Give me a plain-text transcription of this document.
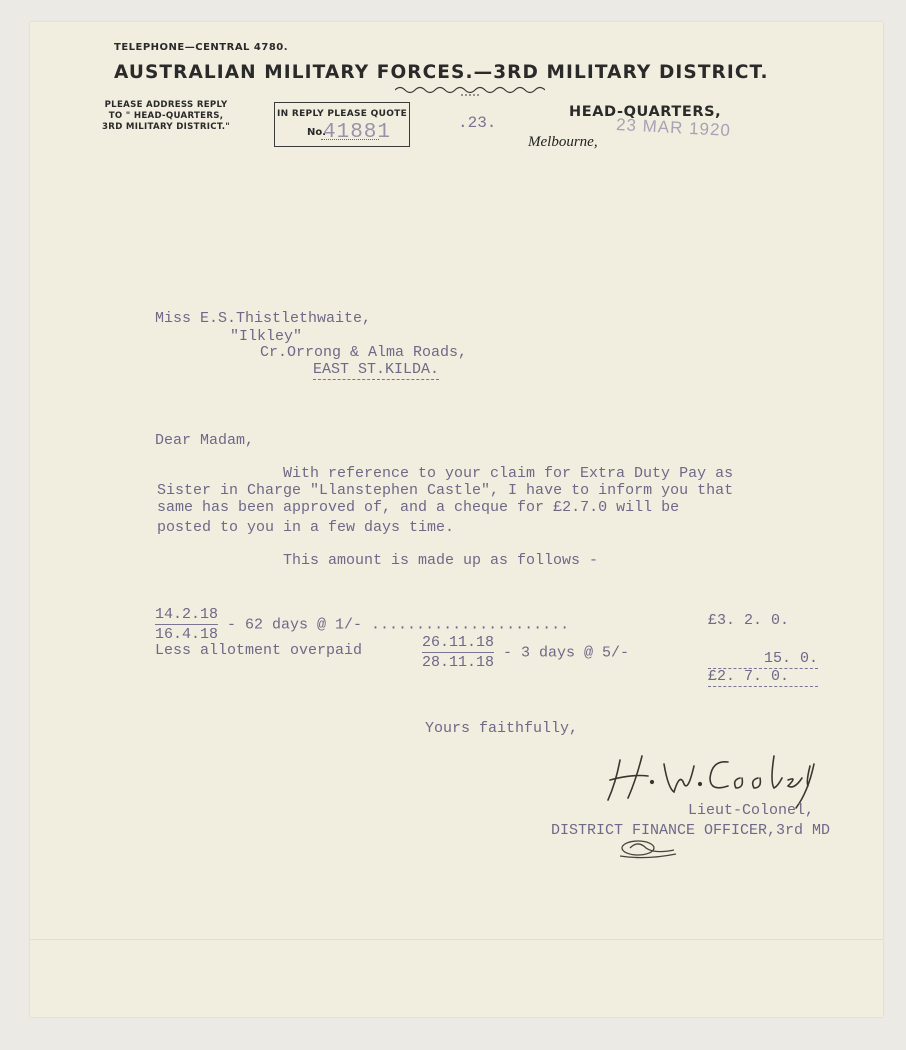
TELEPHONE—CENTRAL 4780.
AUSTRALIAN MILITARY FORCES.—3RD MILITARY DISTRICT.
PLEASE ADDRESS REPLY
TO " HEAD-QUARTERS,
3RD MILITARY DISTRICT."
IN REPLY PLEASE QUOTE
No.
41881	.23.
HEAD-QUARTERS,
Melbourne,
23 MAR 1920
Miss E.S.Thistlethwaite,
"Ilkley"
Cr.Orrong & Alma Roads,
EAST ST.KILDA.
Dear Madam,
With reference to your claim for Extra Duty Pay as
Sister in Charge "Llanstephen Castle", I have to inform you that
same has been approved of, and a cheque for £2.7.0 will be
posted to you in a few days time.
This amount is made up as follows -
$\frac{14.2.18}{16.4.18} - 62$ days @ 1/- ......................	£3. 2. 0.
Less allotment overpaid	$\frac{26.11.18}{28.11.18} - 3$ days @ 5/-	15. 0.
£2. 7. 0.
Yours faithfully,
Lieut-Colonel,
DISTRICT FINANCE OFFICER,3rd MD
